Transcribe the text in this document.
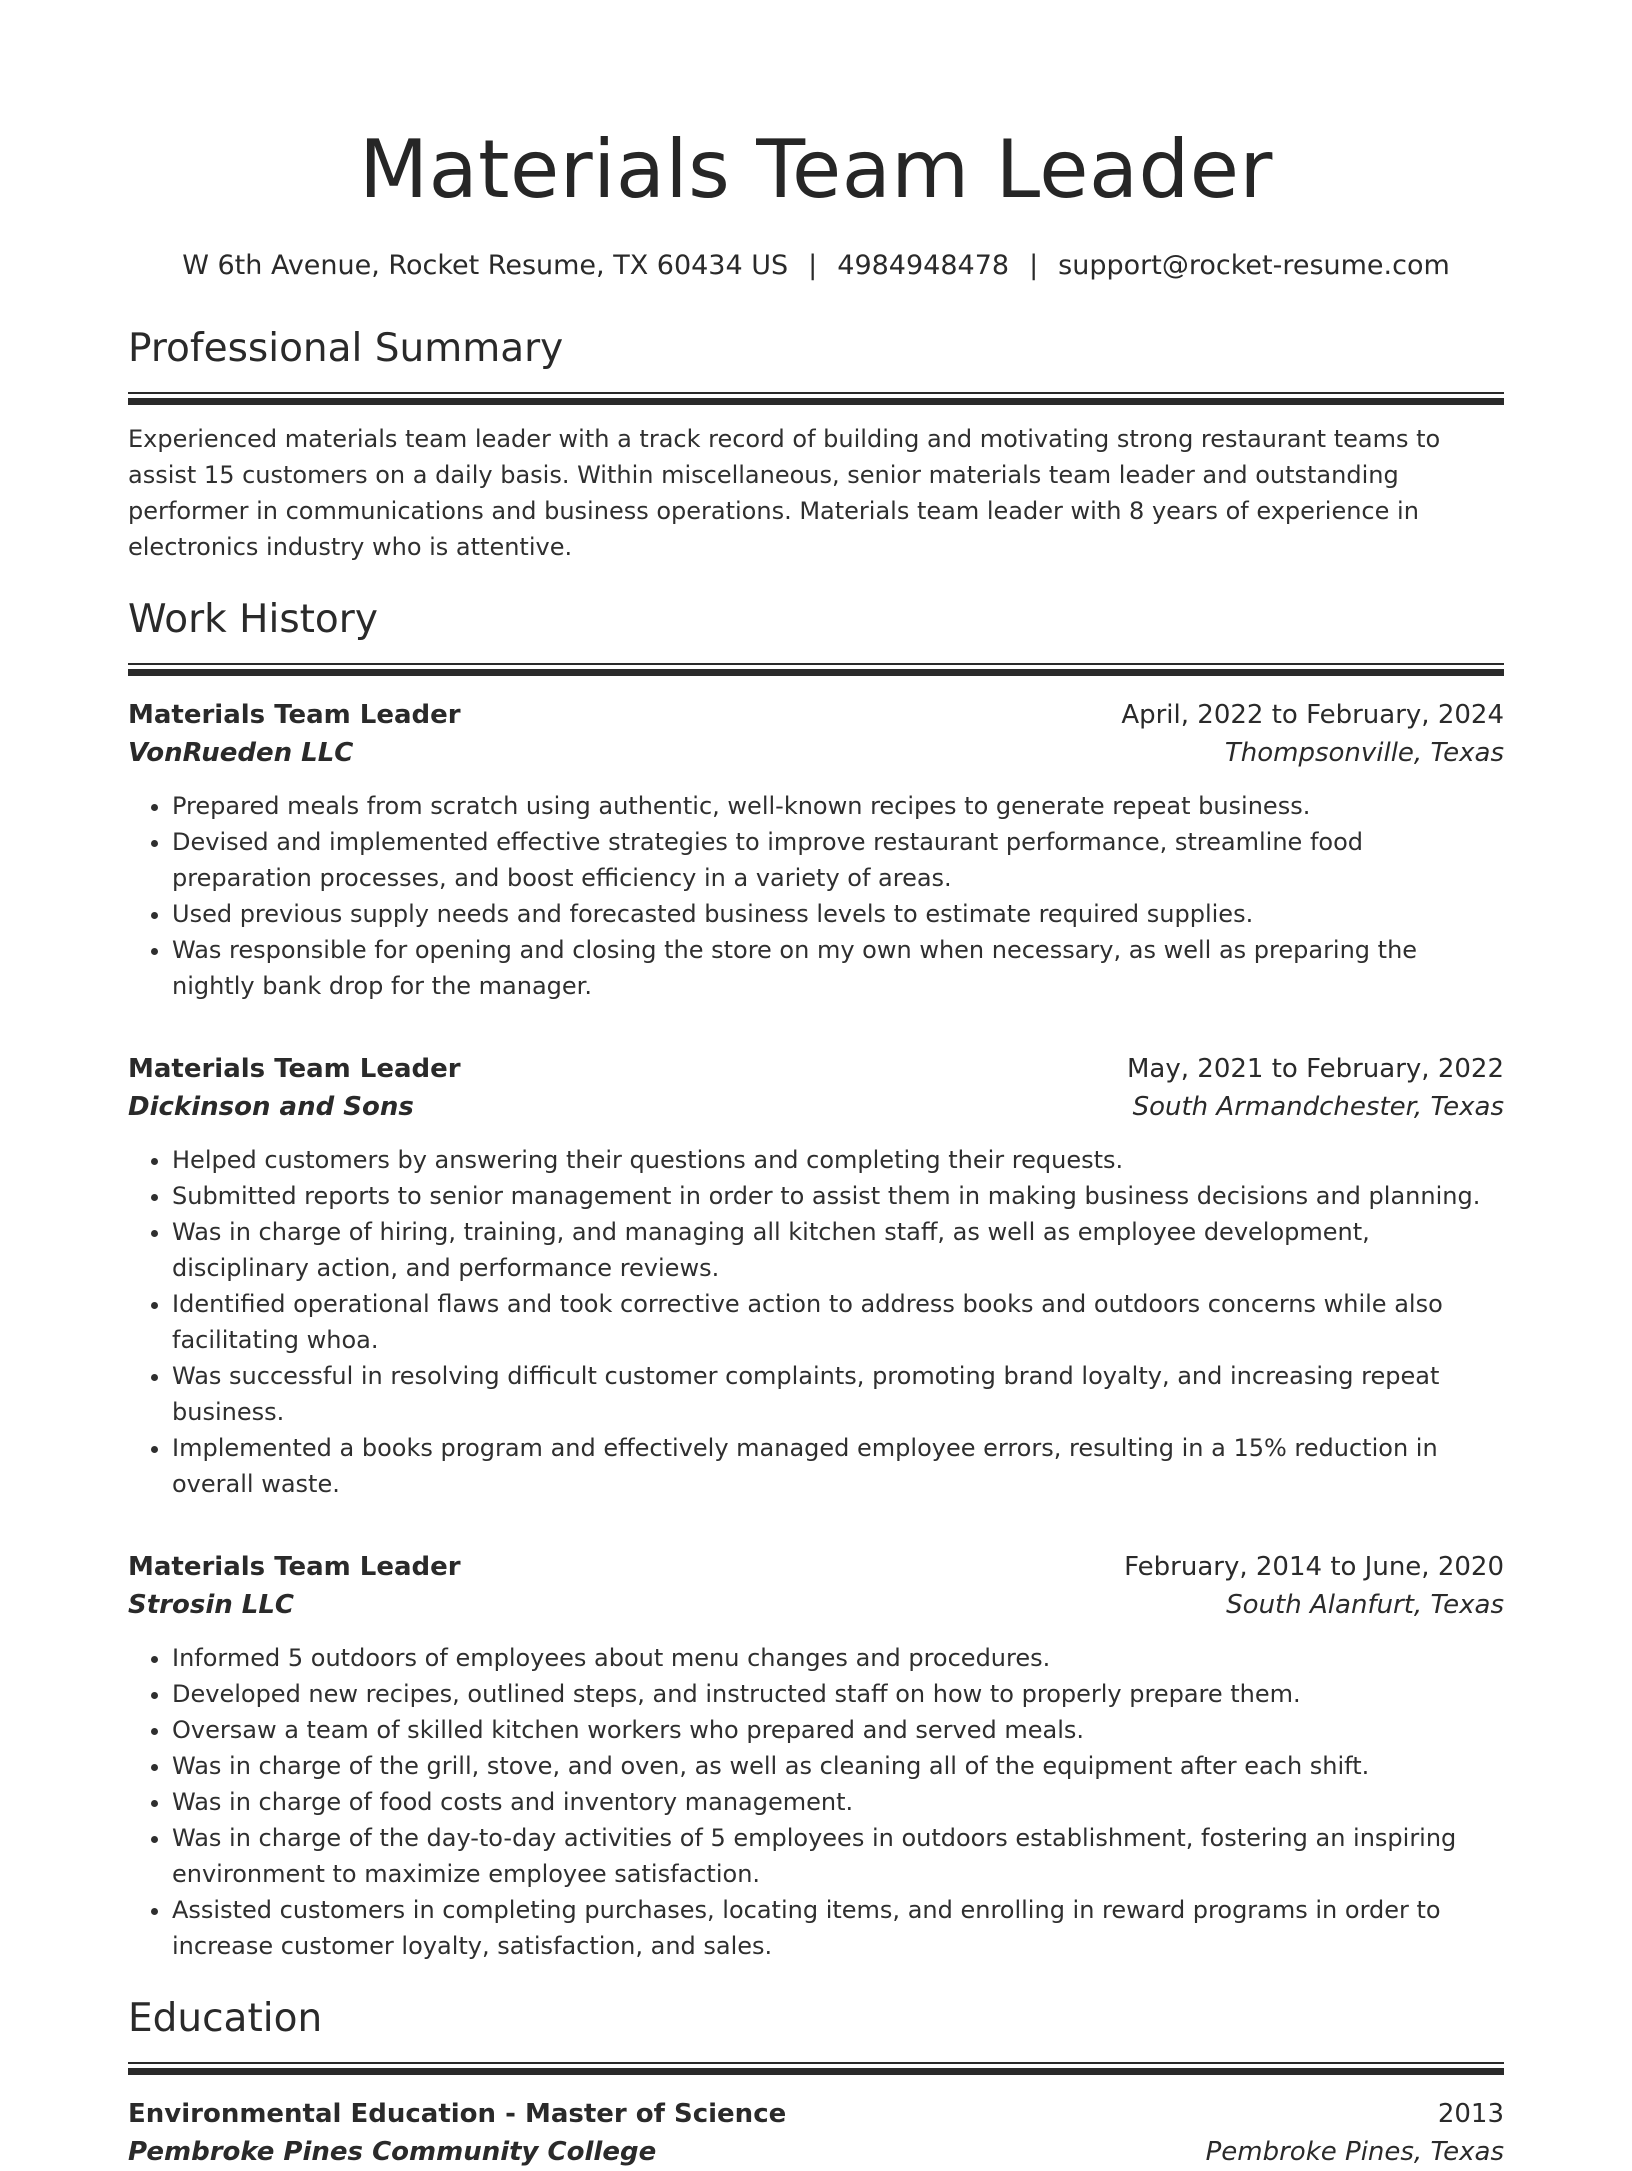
Materials Team Leader
W 6th Avenue, Rocket Resume, TX 60434 US | 4984948478 | support@rocket-resume.com
Professional Summary
Experienced materials team leader with a track record of building and motivating strong restaurant teams to assist 15 customers on a daily basis. Within miscellaneous, senior materials team leader and outstanding performer in communications and business operations. Materials team leader with 8 years of experience in electronics industry who is attentive.
Work History
Materials Team Leader	April, 2022 to February, 2024
VonRueden LLC	Thompsonville, Texas
• Prepared meals from scratch using authentic, well-known recipes to generate repeat business.
• Devised and implemented effective strategies to improve restaurant performance, streamline food preparation processes, and boost efficiency in a variety of areas.
• Used previous supply needs and forecasted business levels to estimate required supplies.
• Was responsible for opening and closing the store on my own when necessary, as well as preparing the nightly bank drop for the manager.
Materials Team Leader	May, 2021 to February, 2022
Dickinson and Sons	South Armandchester, Texas
• Helped customers by answering their questions and completing their requests.
• Submitted reports to senior management in order to assist them in making business decisions and planning.
• Was in charge of hiring, training, and managing all kitchen staff, as well as employee development, disciplinary action, and performance reviews.
• Identified operational flaws and took corrective action to address books and outdoors concerns while also facilitating whoa.
• Was successful in resolving difficult customer complaints, promoting brand loyalty, and increasing repeat business.
• Implemented a books program and effectively managed employee errors, resulting in a 15% reduction in overall waste.
Materials Team Leader	February, 2014 to June, 2020
Strosin LLC	South Alanfurt, Texas
• Informed 5 outdoors of employees about menu changes and procedures.
• Developed new recipes, outlined steps, and instructed staff on how to properly prepare them.
• Oversaw a team of skilled kitchen workers who prepared and served meals.
• Was in charge of the grill, stove, and oven, as well as cleaning all of the equipment after each shift.
• Was in charge of food costs and inventory management.
• Was in charge of the day-to-day activities of 5 employees in outdoors establishment, fostering an inspiring environment to maximize employee satisfaction.
• Assisted customers in completing purchases, locating items, and enrolling in reward programs in order to increase customer loyalty, satisfaction, and sales.
Education
Environmental Education - Master of Science	2013
Pembroke Pines Community College	Pembroke Pines, Texas
